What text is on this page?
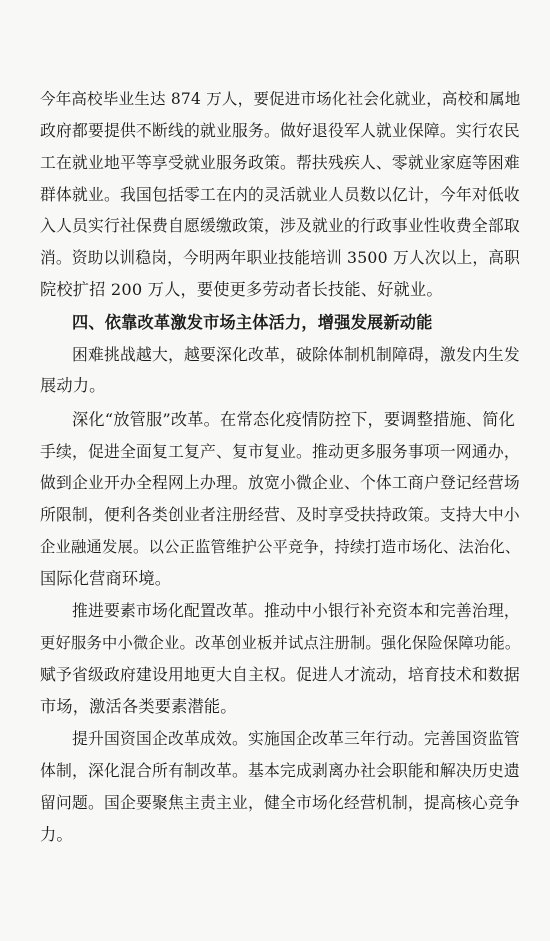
今年高校毕业生达 874 万人，要促进市场化社会化就业，高校和属地
政府都要提供不断线的就业服务。做好退役军人就业保障。实行农民
工在就业地平等享受就业服务政策。帮扶残疾人、零就业家庭等困难
群体就业。我国包括零工在内的灵活就业人员数以亿计，今年对低收
入人员实行社保费自愿缓缴政策，涉及就业的行政事业性收费全部取
消。资助以训稳岗，今明两年职业技能培训 3500 万人次以上，高职
院校扩招 200 万人，要使更多劳动者长技能、好就业。
四、依靠改革激发市场主体活力，增强发展新动能
困难挑战越大，越要深化改革，破除体制机制障碍，激发内生发
展动力。
深化“放管服”改革。在常态化疫情防控下，要调整措施、简化
手续，促进全面复工复产、复市复业。推动更多服务事项一网通办，
做到企业开办全程网上办理。放宽小微企业、个体工商户登记经营场
所限制，便利各类创业者注册经营、及时享受扶持政策。支持大中小
企业融通发展。以公正监管维护公平竞争，持续打造市场化、法治化、
国际化营商环境。
推进要素市场化配置改革。推动中小银行补充资本和完善治理，
更好服务中小微企业。改革创业板并试点注册制。强化保险保障功能。
赋予省级政府建设用地更大自主权。促进人才流动，培育技术和数据
市场，激活各类要素潜能。
提升国资国企改革成效。实施国企改革三年行动。完善国资监管
体制，深化混合所有制改革。基本完成剥离办社会职能和解决历史遗
留问题。国企要聚焦主责主业，健全市场化经营机制，提高核心竞争
力。
